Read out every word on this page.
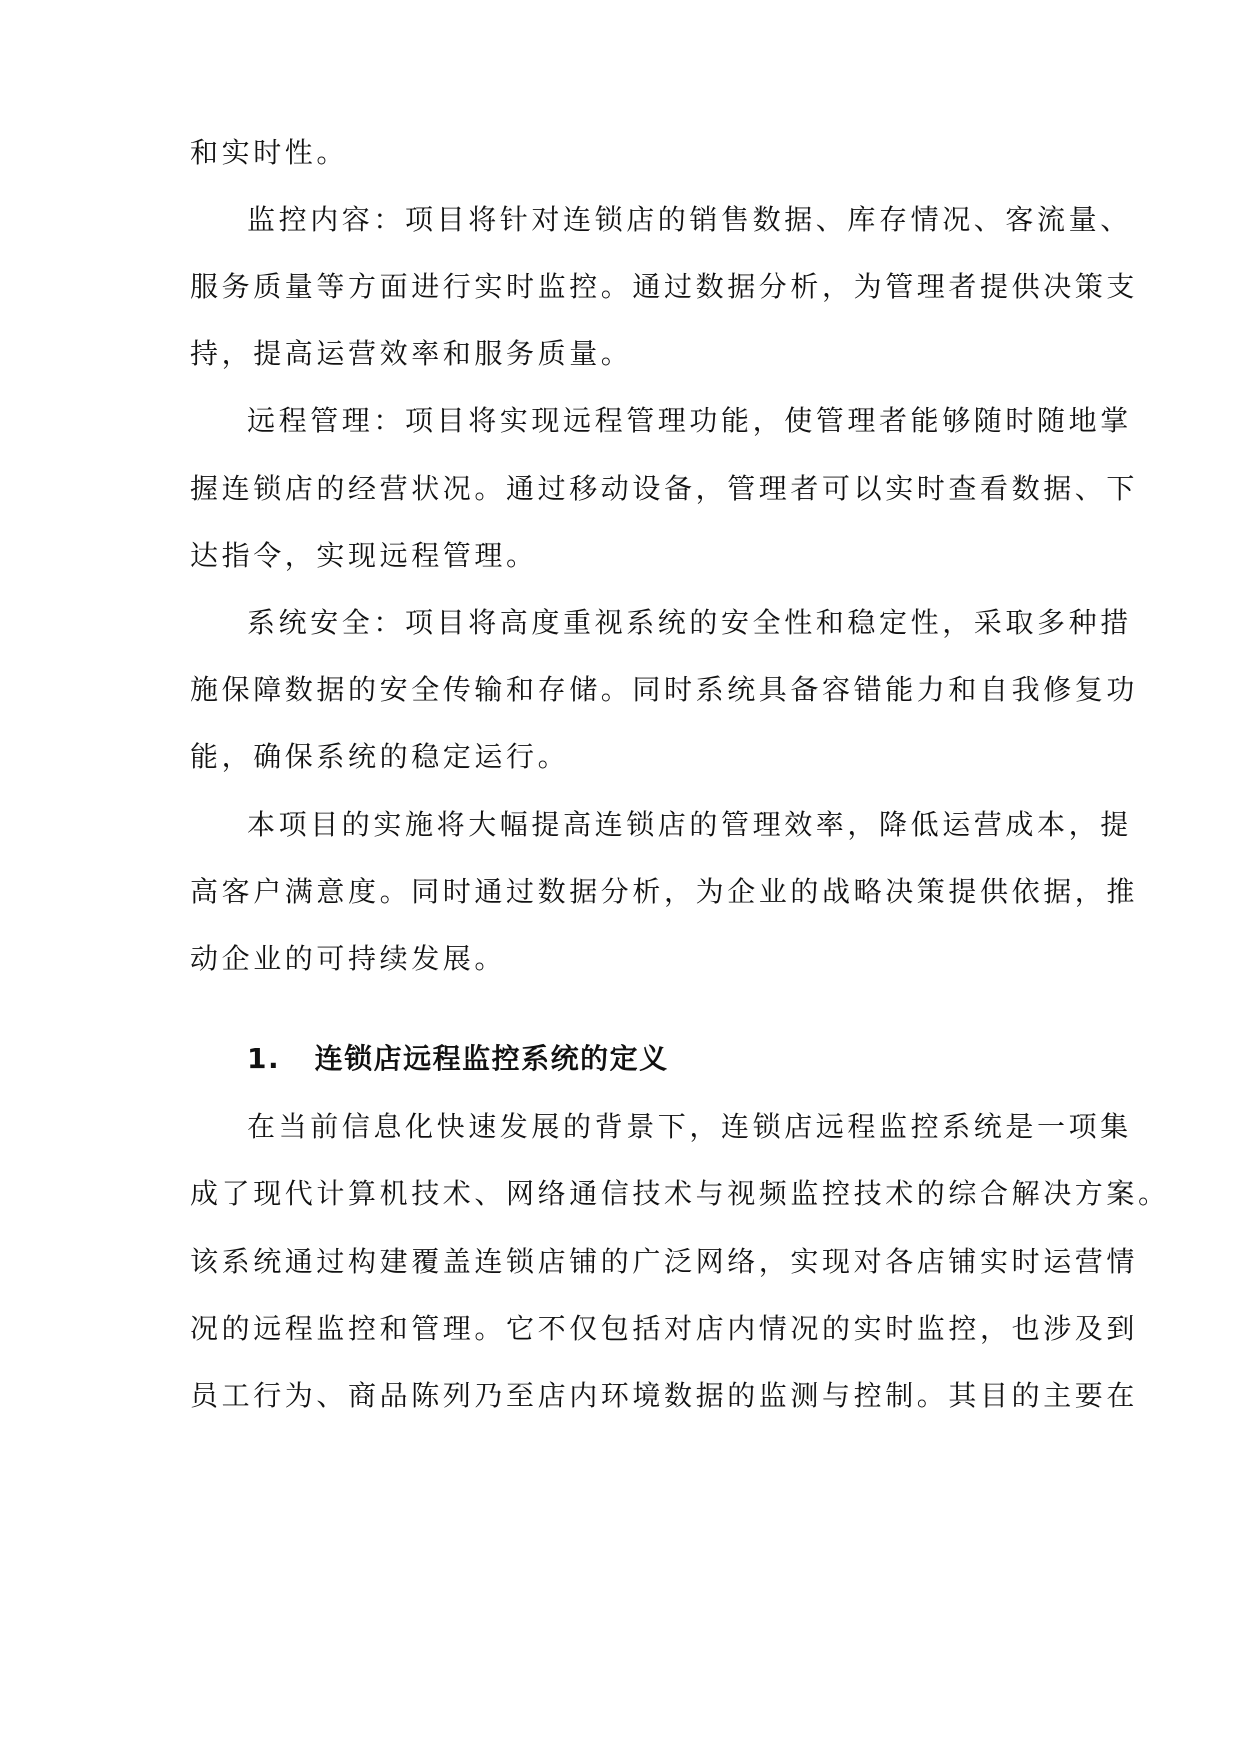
和实时性。
监控内容：项目将针对连锁店的销售数据、库存情况、客流量、
服务质量等方面进行实时监控。通过数据分析，为管理者提供决策支
持，提高运营效率和服务质量。
远程管理：项目将实现远程管理功能，使管理者能够随时随地掌
握连锁店的经营状况。通过移动设备，管理者可以实时查看数据、下
达指令，实现远程管理。
系统安全：项目将高度重视系统的安全性和稳定性，采取多种措
施保障数据的安全传输和存储。同时系统具备容错能力和自我修复功
能，确保系统的稳定运行。
本项目的实施将大幅提高连锁店的管理效率，降低运营成本，提
高客户满意度。同时通过数据分析，为企业的战略决策提供依据，推
动企业的可持续发展。
1. 连锁店远程监控系统的定义
在当前信息化快速发展的背景下，连锁店远程监控系统是一项集
成了现代计算机技术、网络通信技术与视频监控技术的综合解决方案。
该系统通过构建覆盖连锁店铺的广泛网络，实现对各店铺实时运营情
况的远程监控和管理。它不仅包括对店内情况的实时监控，也涉及到
员工行为、商品陈列乃至店内环境数据的监测与控制。其目的主要在
